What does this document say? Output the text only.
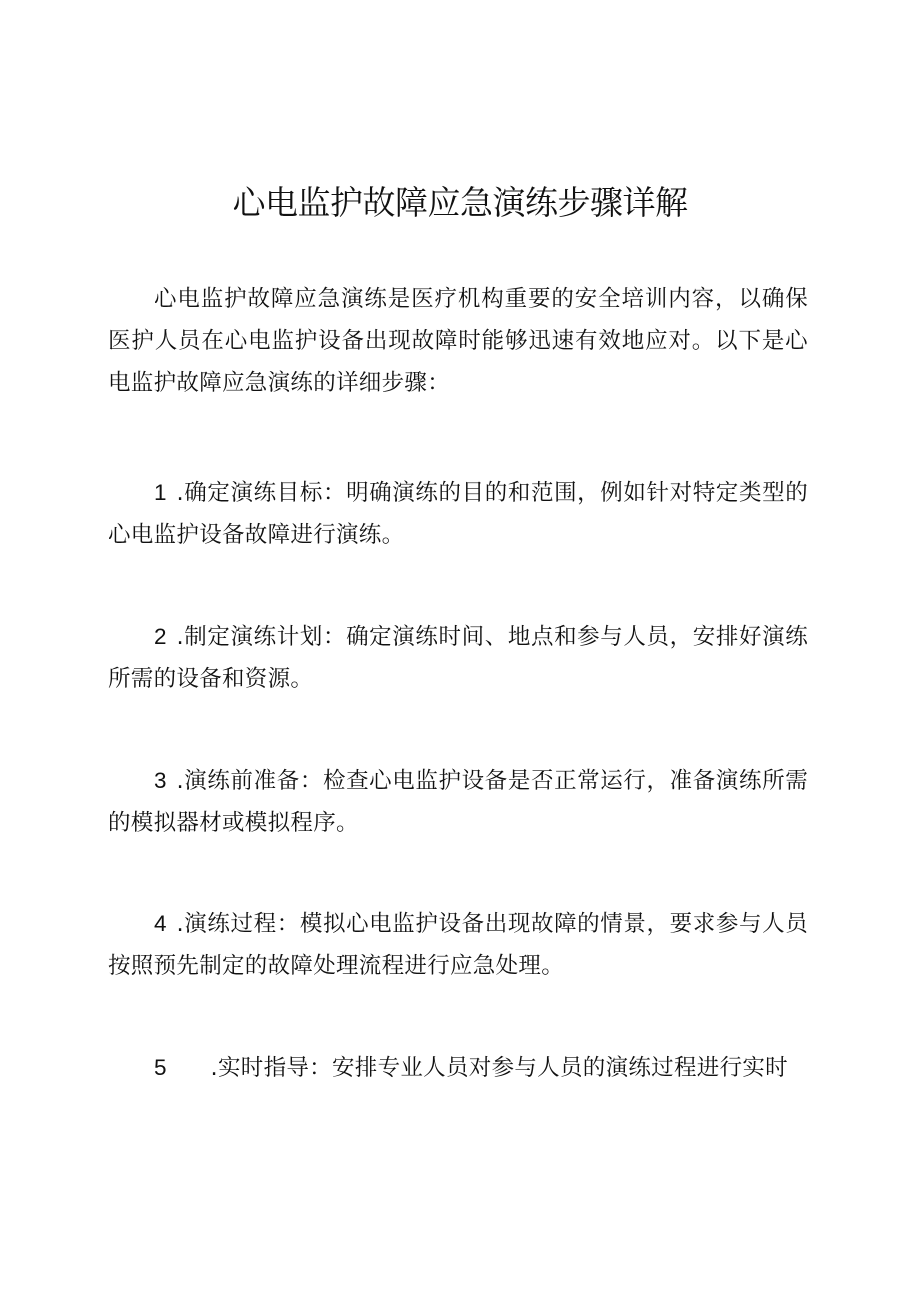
心电监护故障应急演练步骤详解

心电监护故障应急演练是医疗机构重要的安全培训内容，以确保医护人员在心电监护设备出现故障时能够迅速有效地应对。以下是心电监护故障应急演练的详细步骤：

1 .确定演练目标：明确演练的目的和范围，例如针对特定类型的心电监护设备故障进行演练。

2 .制定演练计划：确定演练时间、地点和参与人员，安排好演练所需的设备和资源。

3 .演练前准备：检查心电监护设备是否正常运行，准备演练所需的模拟器材或模拟程序。

4 .演练过程：模拟心电监护设备出现故障的情景，要求参与人员按照预先制定的故障处理流程进行应急处理。

5 .实时指导：安排专业人员对参与人员的演练过程进行实时
